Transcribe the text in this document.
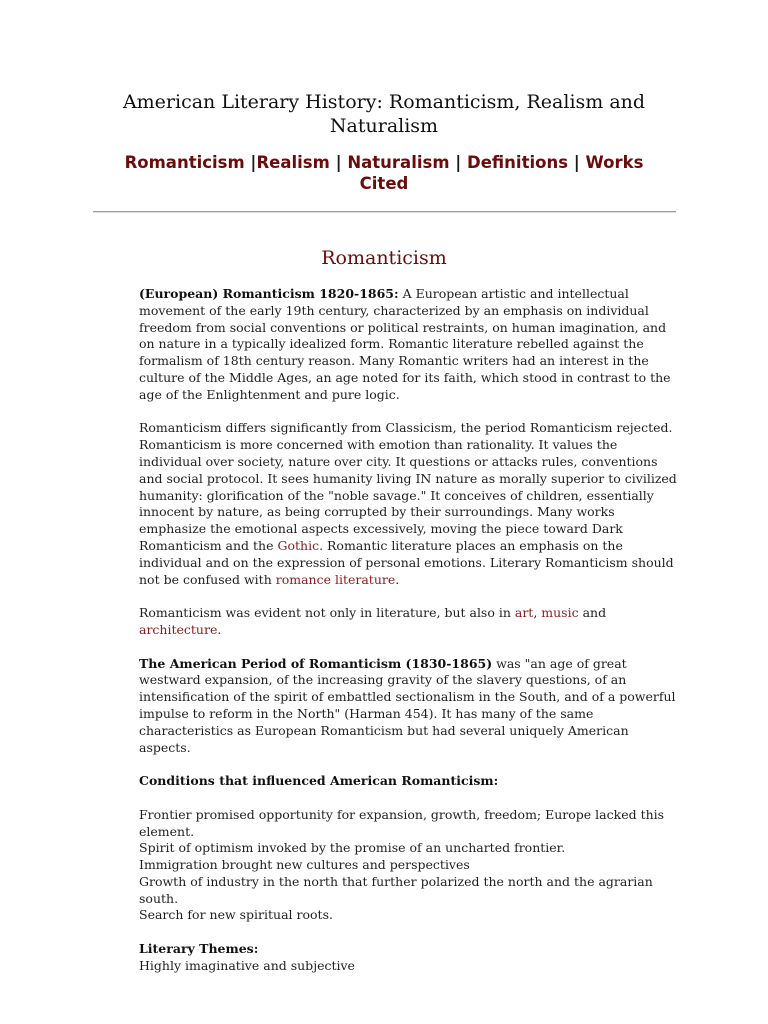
American Literary History: Romanticism, Realism and Naturalism
Romanticism |Realism | Naturalism | Definitions | Works Cited
Romanticism

(European) Romanticism 1820-1865: A European artistic and intellectual movement of the early 19th century, characterized by an emphasis on individual freedom from social conventions or political restraints, on human imagination, and on nature in a typically idealized form. Romantic literature rebelled against the formalism of 18th century reason. Many Romantic writers had an interest in the culture of the Middle Ages, an age noted for its faith, which stood in contrast to the age of the Enlightenment and pure logic.

Romanticism differs significantly from Classicism, the period Romanticism rejected. Romanticism is more concerned with emotion than rationality. It values the individual over society, nature over city. It questions or attacks rules, conventions and social protocol. It sees humanity living IN nature as morally superior to civilized humanity: glorification of the "noble savage." It conceives of children, essentially innocent by nature, as being corrupted by their surroundings. Many works emphasize the emotional aspects excessively, moving the piece toward Dark Romanticism and the Gothic. Romantic literature places an emphasis on the individual and on the expression of personal emotions. Literary Romanticism should not be confused with romance literature.

Romanticism was evident not only in literature, but also in art, music and architecture.

The American Period of Romanticism (1830-1865) was "an age of great westward expansion, of the increasing gravity of the slavery questions, of an intensification of the spirit of embattled sectionalism in the South, and of a powerful impulse to reform in the North" (Harman 454). It has many of the same characteristics as European Romanticism but had several uniquely American aspects.

Conditions that influenced American Romanticism:

Frontier promised opportunity for expansion, growth, freedom; Europe lacked this element.
Spirit of optimism invoked by the promise of an uncharted frontier.
Immigration brought new cultures and perspectives
Growth of industry in the north that further polarized the north and the agrarian south.
Search for new spiritual roots.

Literary Themes:
Highly imaginative and subjective
